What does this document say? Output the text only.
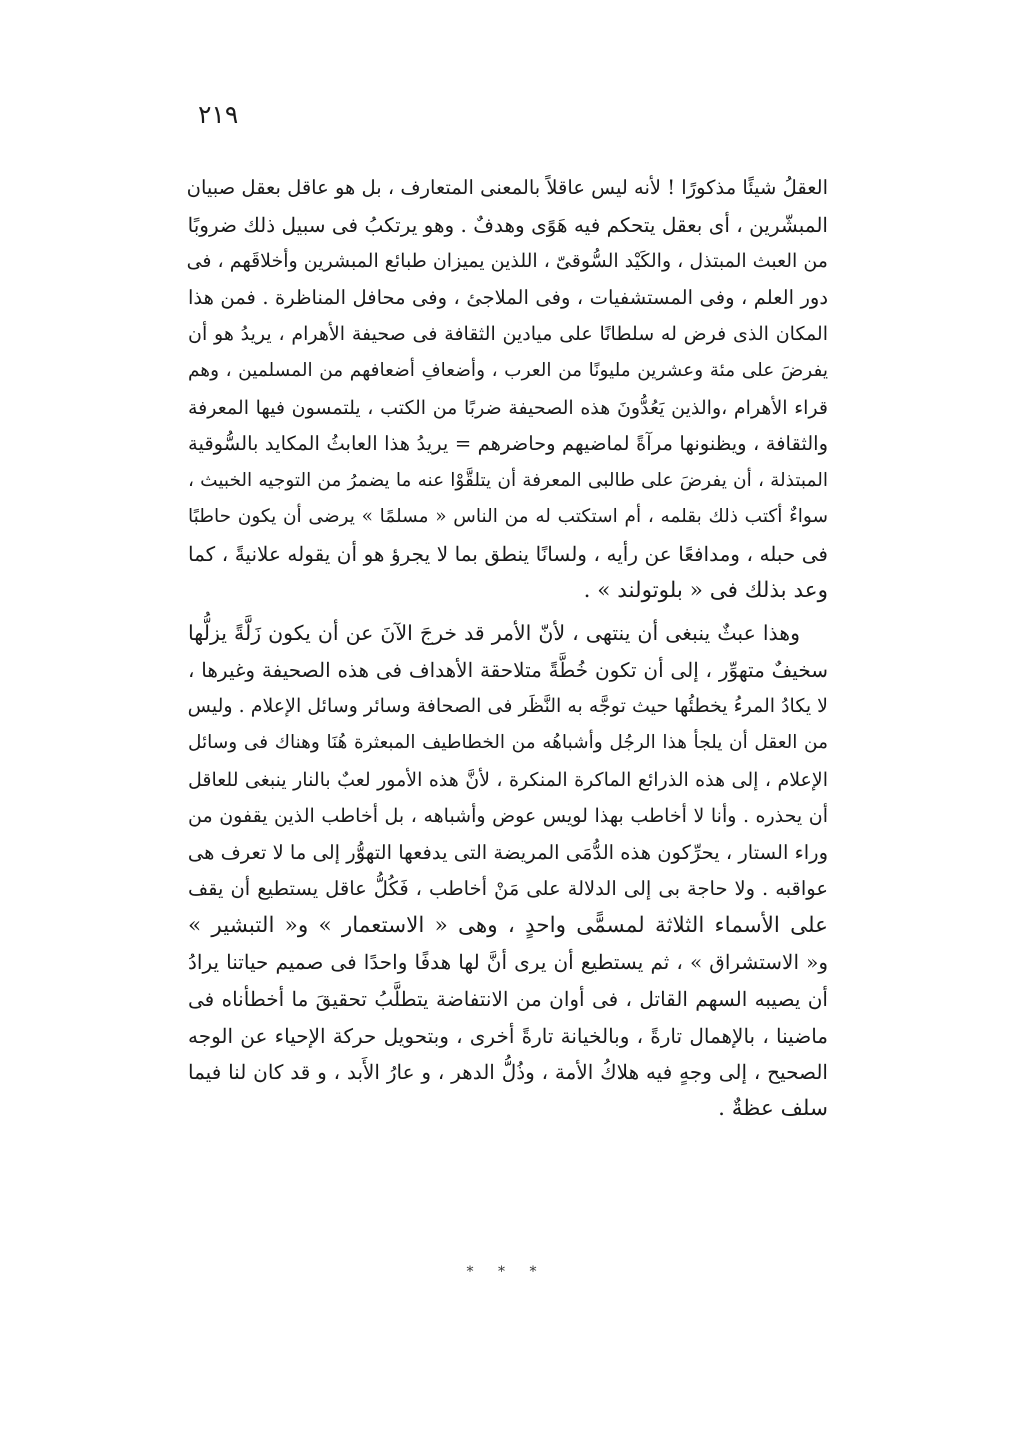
٢١٩
العقلُ شيئًا مذكورًا ! لأنه ليس عاقلاً بالمعنى المتعارف ، بل هو عاقل بعقل صبيان
المبشّرين ، أى بعقل يتحكم فيه هَوًى وهدفٌ . وهو يرتكبُ فى سبيل ذلك ضروبًا
من العبث المبتذل ، والكَيْد السُّوقىّ ، اللذين يميزان طبائع المبشرين وأخلاقَهم ، فى
دور العلم ، وفى المستشفيات ، وفى الملاجئ ، وفى محافل المناظرة . فمن هذا
المكان الذى فرض له سلطانًا على ميادين الثقافة فى صحيفة الأهرام ، يريدُ هو أن
يفرضَ على مئة وعشرين مليونًا من العرب ، وأضعافِ أضعافهم من المسلمين ، وهم
قراء الأهرام ،والذين يَعُدُّونَ هذه الصحيفة ضربًا من الكتب ، يلتمسون فيها المعرفة
والثقافة ، ويظنونها مرآةً لماضيهم وحاضرهم = يريدُ هذا العابثُ المكايد بالسُّوقية
المبتذلة ، أن يفرضَ على طالبى المعرفة أن يتلقَّوْا عنه ما يضمرُ من التوجيه الخبيث ،
سواءٌ أكتب ذلك بقلمه ، أم استكتب له من الناس « مسلمًا » يرضى أن يكون حاطبًا
فى حبله ، ومدافعًا عن رأيه ، ولسانًا ينطق بما لا يجرؤ هو أن يقوله علانيةً ، كما
وعد بذلك فى « بلوتولند » .
وهذا عبثٌ ينبغى أن ينتهى ، لأنّ الأمر قد خرجَ الآنَ عن أن يكون زَلَّةً يزلُّها
سخيفٌ متهوِّر ، إلى أن تكون خُطَّةً متلاحقة الأهداف فى هذه الصحيفة وغيرها ،
لا يكادُ المرءُ يخطئُها حيث توجَّه به النَّظَر فى الصحافة وسائر وسائل الإعلام . وليس
من العقل أن يلجأ هذا الرجُل وأشباهُه من الخطاطيف المبعثرة هُنَا وهناك فى وسائل
الإعلام ، إلى هذه الذرائع الماكرة المنكرة ، لأنَّ هذه الأمور لعبٌ بالنار ينبغى للعاقل
أن يحذره . وأنا لا أخاطب بهذا لويس عوض وأشباهه ، بل أخاطب الذين يقفون من
وراء الستار ، يحرِّكون هذه الدُّمَى المريضة التى يدفعها التهوُّر إلى ما لا تعرف هى
عواقبه . ولا حاجة بى إلى الدلالة على مَنْ أخاطب ، فَكُلُّ عاقل يستطيع أن يقف
على الأسماء الثلاثة لمسمًّى واحدٍ ، وهى « الاستعمار » و« التبشير »
و« الاستشراق » ، ثم يستطيع أن يرى أنَّ لها هدفًا واحدًا فى صميم حياتنا يرادُ
أن يصيبه السهم القاتل ، فى أوان من الانتفاضة يتطلَّبُ تحقيقَ ما أخطأناه فى
ماضينا ، بالإهمال تارةً ، وبالخيانة تارةً أخرى ، وبتحويل حركة الإحياء عن الوجه
الصحيح ، إلى وجهٍ فيه هلاكُ الأمة ، وذُلُّ الدهر ، و عارُ الأَبد ، و قد كان لنا فيما
سلف عظةٌ .
* * *
